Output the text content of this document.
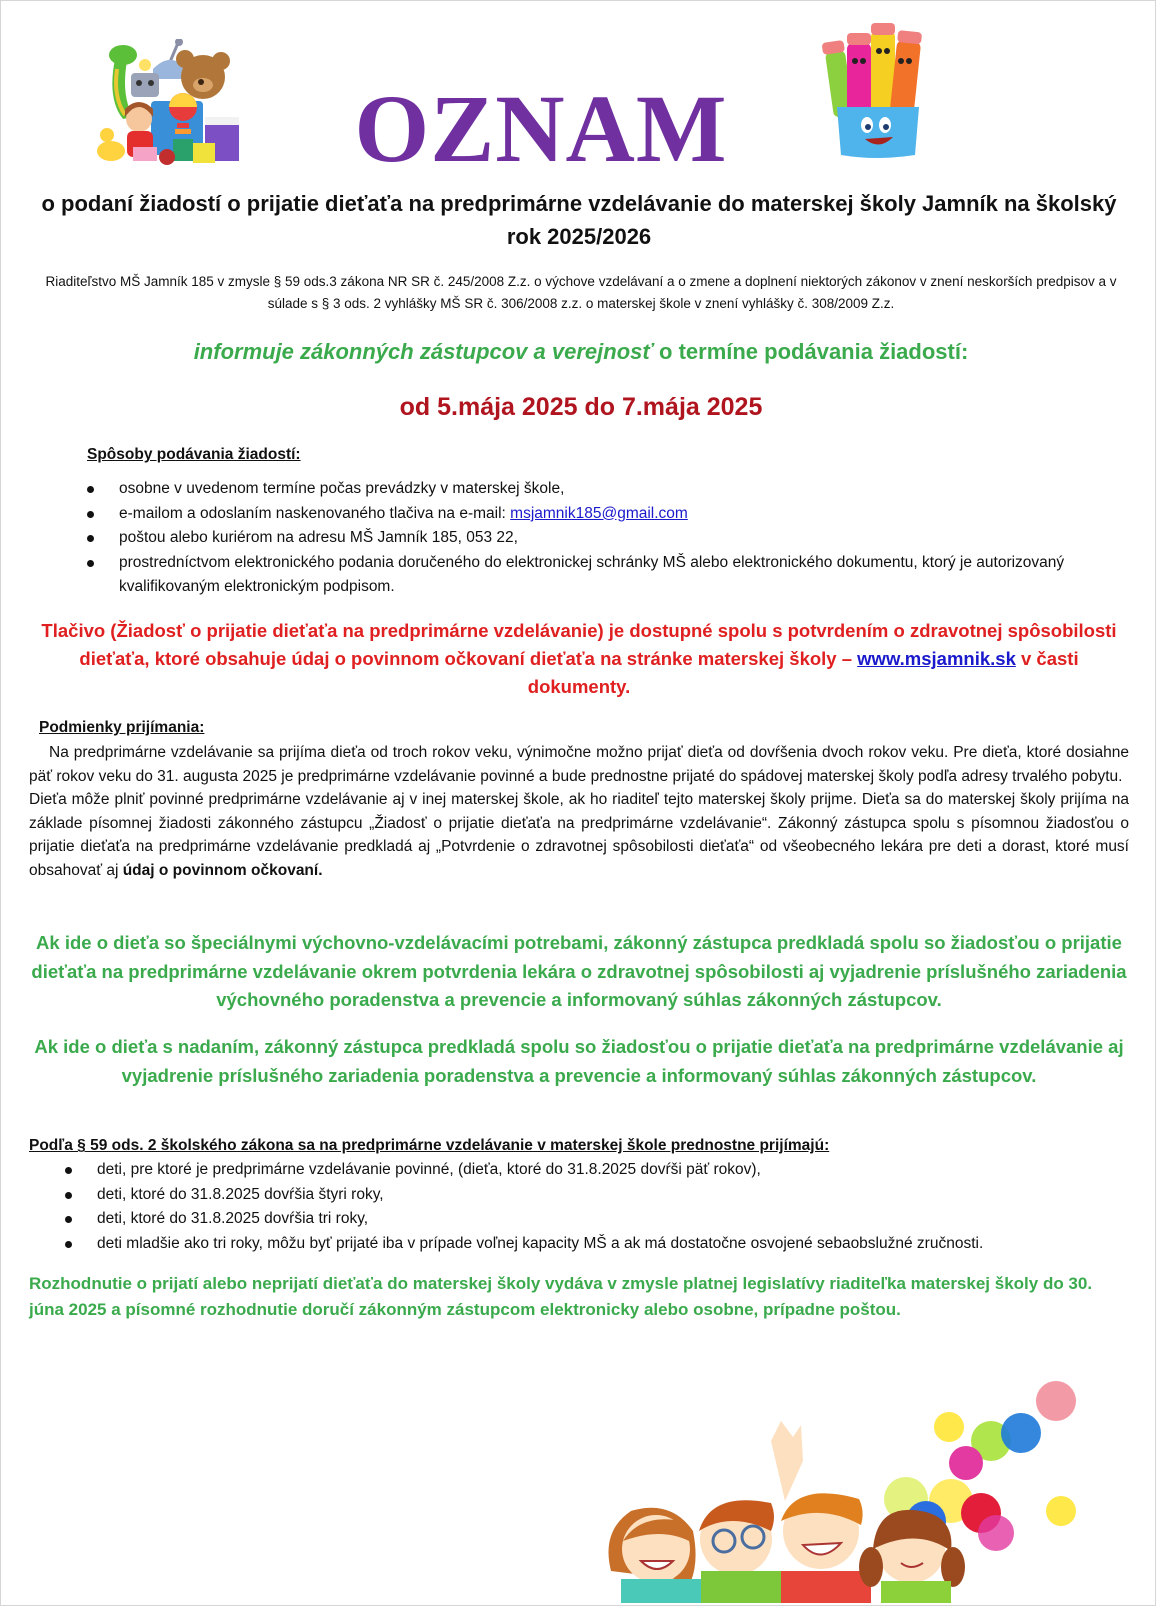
OZNAM
o podaní žiadostí o prijatie dieťaťa na predprimárne vzdelávanie do materskej školy Jamník na školský rok 2025/2026
Riaditeľstvo MŠ Jamník 185 v zmysle § 59 ods.3 zákona NR SR č. 245/2008 Z.z. o výchove vzdelávaní a o zmene a doplnení niektorých zákonov v znení neskorších predpisov a v súlade s § 3 ods. 2 vyhlášky MŠ SR č. 306/2008 z.z. o materskej škole v znení vyhlášky č. 308/2009 Z.z.
informuje zákonných zástupcov a verejnosť o termíne podávania žiadostí:
od 5.mája 2025 do 7.mája 2025
Spôsoby podávania žiadostí:
osobne v uvedenom termíne počas prevádzky v materskej škole,
e-mailom a odoslaním naskenovaného tlačiva na e-mail: msjamnik185@gmail.com
poštou alebo kuriérom na adresu MŠ Jamník 185, 053 22,
prostredníctvom elektronického podania doručeného do elektronickej schránky MŠ alebo elektronického dokumentu, ktorý je autorizovaný kvalifikovaným elektronickým podpisom.
Tlačivo (Žiadosť o prijatie dieťaťa na predprimárne vzdelávanie) je dostupné spolu s potvrdením o zdravotnej spôsobilosti dieťaťa, ktoré obsahuje údaj o povinnom očkovaní dieťaťa na stránke materskej školy – www.msjamnik.sk v časti dokumenty.
Podmienky prijímania:

Na predprimárne vzdelávanie sa prijíma dieťa od troch rokov veku, výnimočne možno prijať dieťa od dovŕšenia dvoch rokov veku. Pre dieťa, ktoré dosiahne päť rokov veku do 31. augusta 2025 je predprimárne vzdelávanie povinné a bude prednostne prijaté do spádovej materskej školy podľa adresy trvalého pobytu.

Dieťa môže plniť povinné predprimárne vzdelávanie aj v inej materskej škole, ak ho riaditeľ tejto materskej školy prijme. Dieťa sa do materskej školy prijíma na základe písomnej žiadosti zákonného zástupcu „Žiadosť o prijatie dieťaťa na predprimárne vzdelávanie“. Zákonný zástupca spolu s písomnou žiadosťou o prijatie dieťaťa na predprimárne vzdelávanie predkladá aj „Potvrdenie o zdravotnej spôsobilosti dieťaťa“ od všeobecného lekára pre deti a dorast, ktoré musí obsahovať aj údaj o povinnom očkovaní.

Ak ide o dieťa so špeciálnymi výchovno-vzdelávacími potrebami, zákonný zástupca predkladá spolu so žiadosťou o prijatie dieťaťa na predprimárne vzdelávanie okrem potvrdenia lekára o zdravotnej spôsobilosti aj vyjadrenie príslušného zariadenia výchovného poradenstva a prevencie a informovaný súhlas zákonných zástupcov.
Ak ide o dieťa s nadaním, zákonný zástupca predkladá spolu so žiadosťou o prijatie dieťaťa na predprimárne vzdelávanie aj vyjadrenie príslušného zariadenia poradenstva a prevencie a informovaný súhlas zákonných zástupcov.
Podľa § 59 ods. 2 školského zákona sa na predprimárne vzdelávanie v materskej škole prednostne prijímajú:
deti, pre ktoré je predprimárne vzdelávanie povinné, (dieťa, ktoré do 31.8.2025 dovŕši päť rokov),
deti, ktoré do 31.8.2025 dovŕšia štyri roky,
deti, ktoré do 31.8.2025 dovŕšia tri roky,
deti mladšie ako tri roky, môžu byť prijaté iba v prípade voľnej kapacity MŠ a ak má dostatočne osvojené sebaobslužné zručnosti.
Rozhodnutie o prijatí alebo neprijatí dieťaťa do materskej školy vydáva v zmysle platnej legislatívy riaditeľka materskej školy do 30. júna 2025 a písomné rozhodnutie doručí zákonným zástupcom elektronicky alebo osobne, prípadne poštou.
